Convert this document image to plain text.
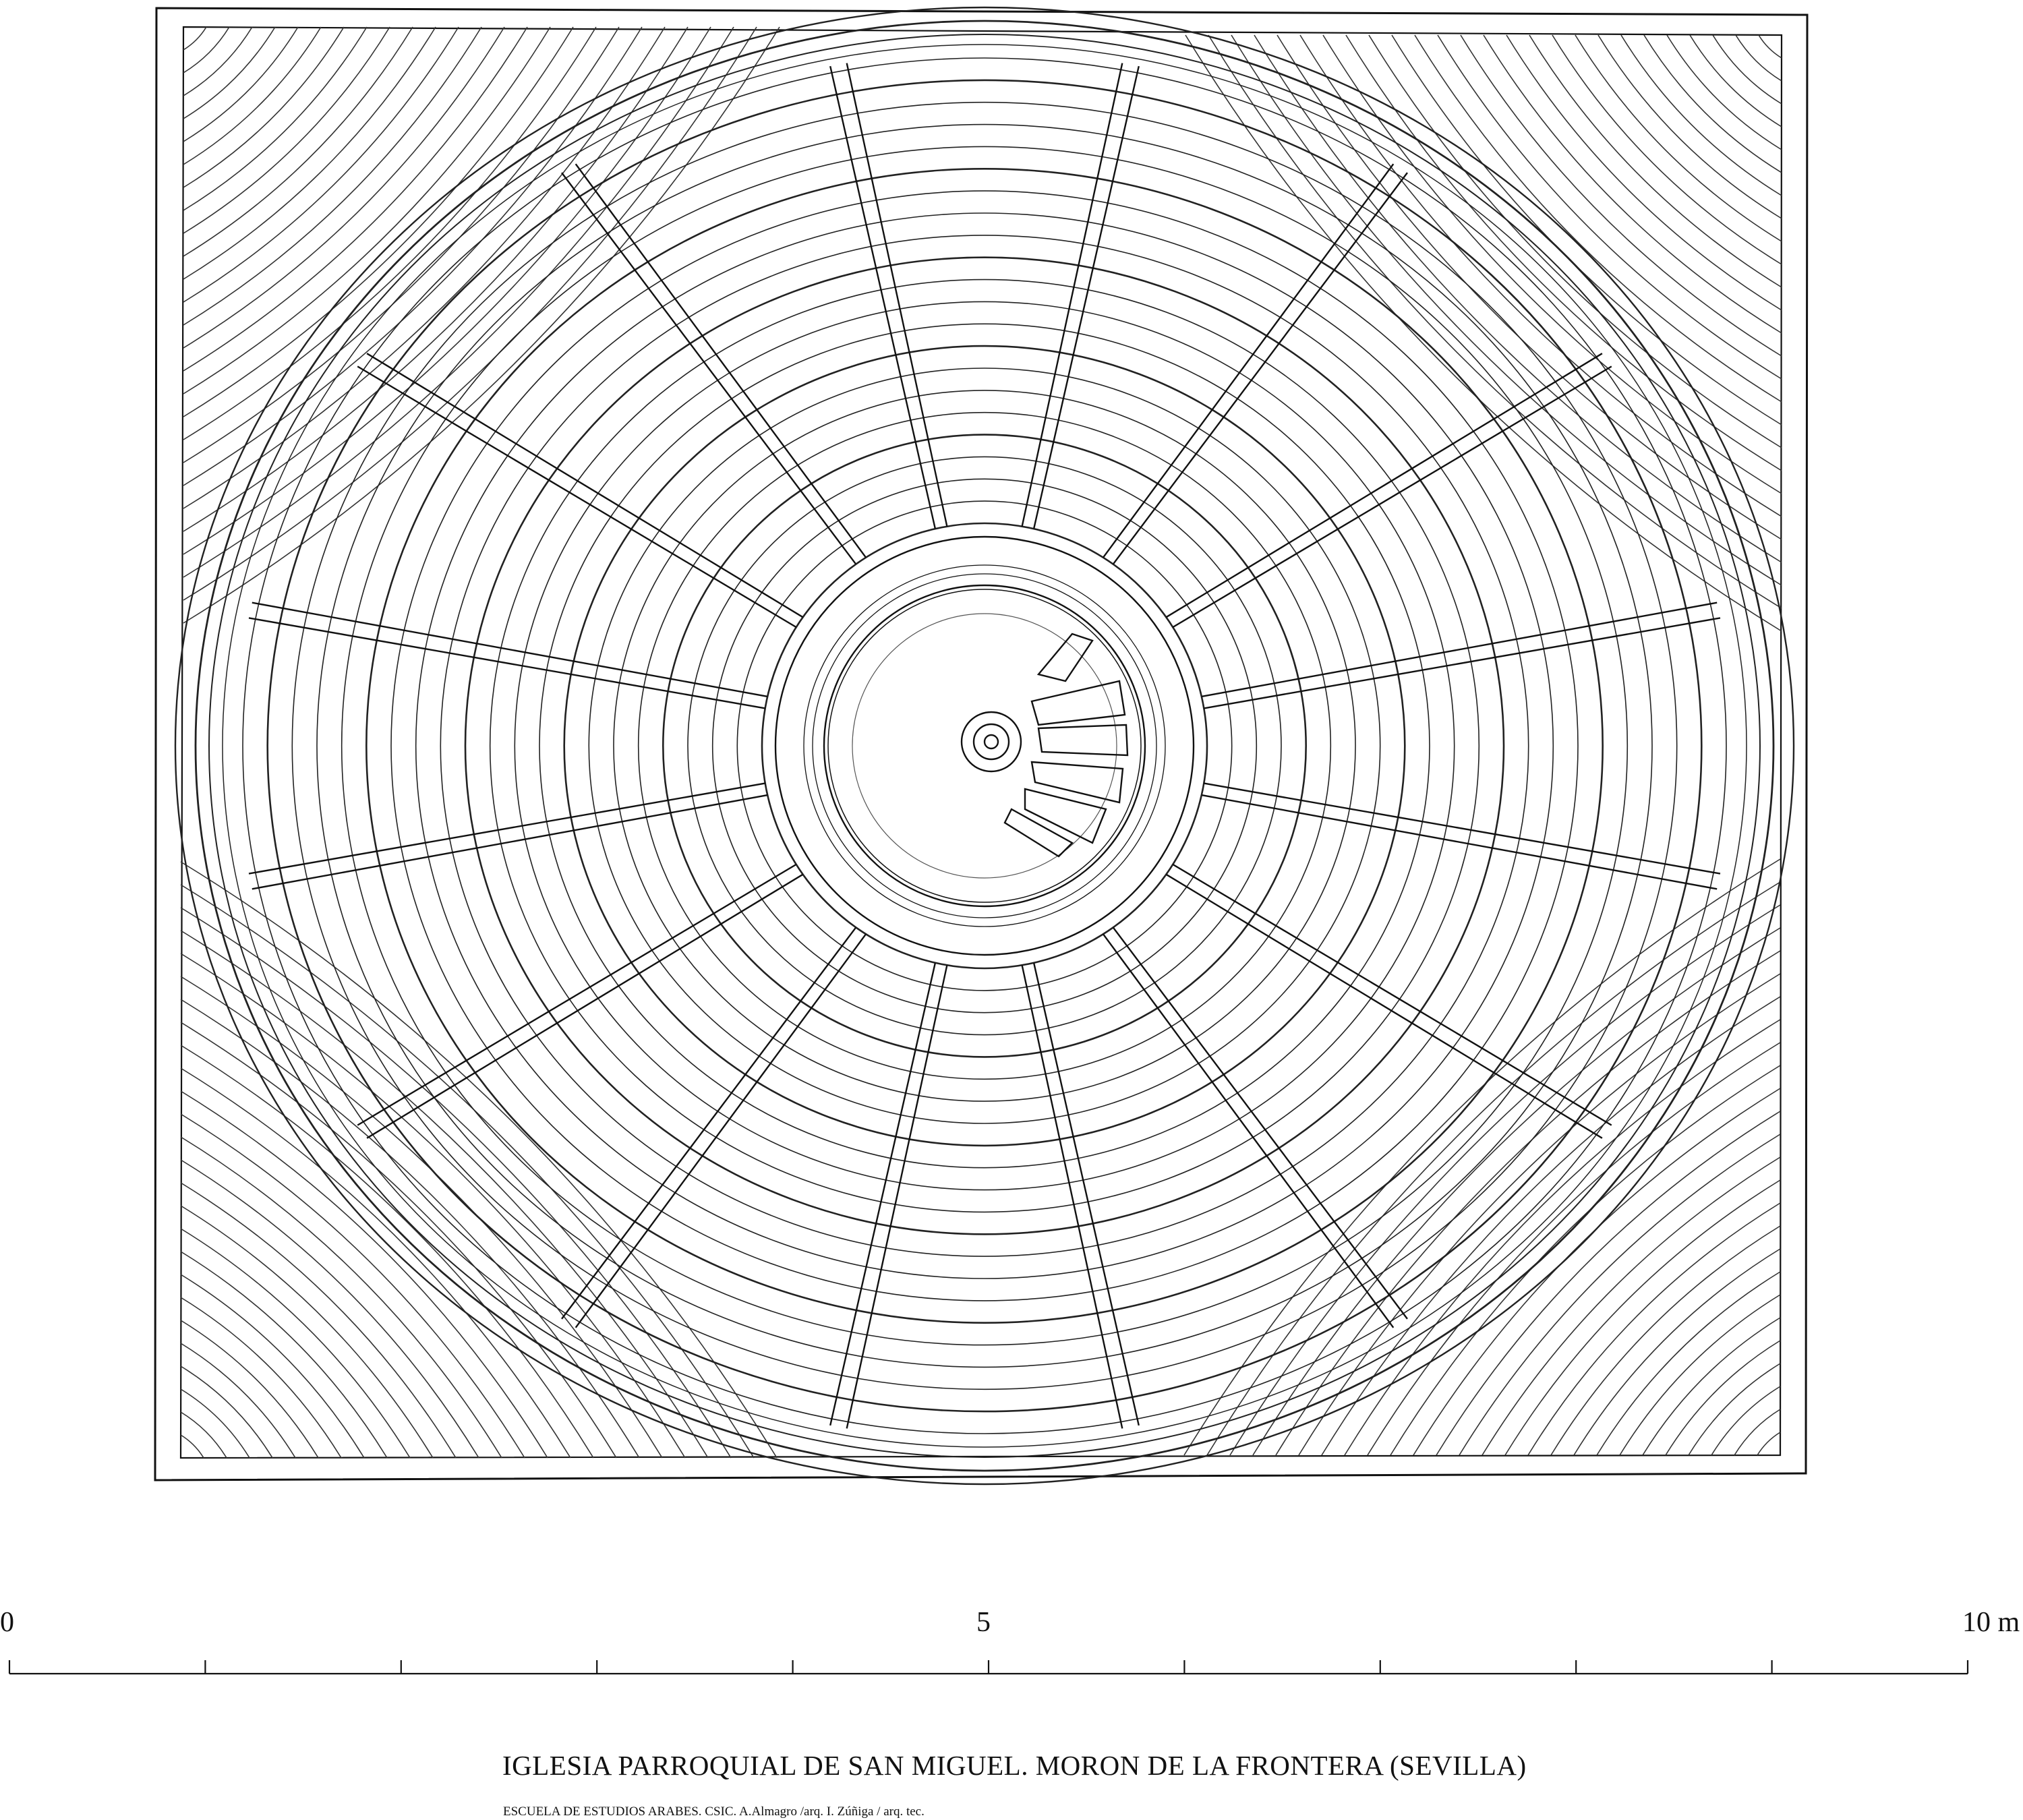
0	5	10 m
IGLESIA PARROQUIAL DE SAN MIGUEL. MORON DE LA FRONTERA (SEVILLA)
ESCUELA DE ESTUDIOS ARABES. CSIC. A.Almagro /arq. I. Zúñiga / arq. tec.
